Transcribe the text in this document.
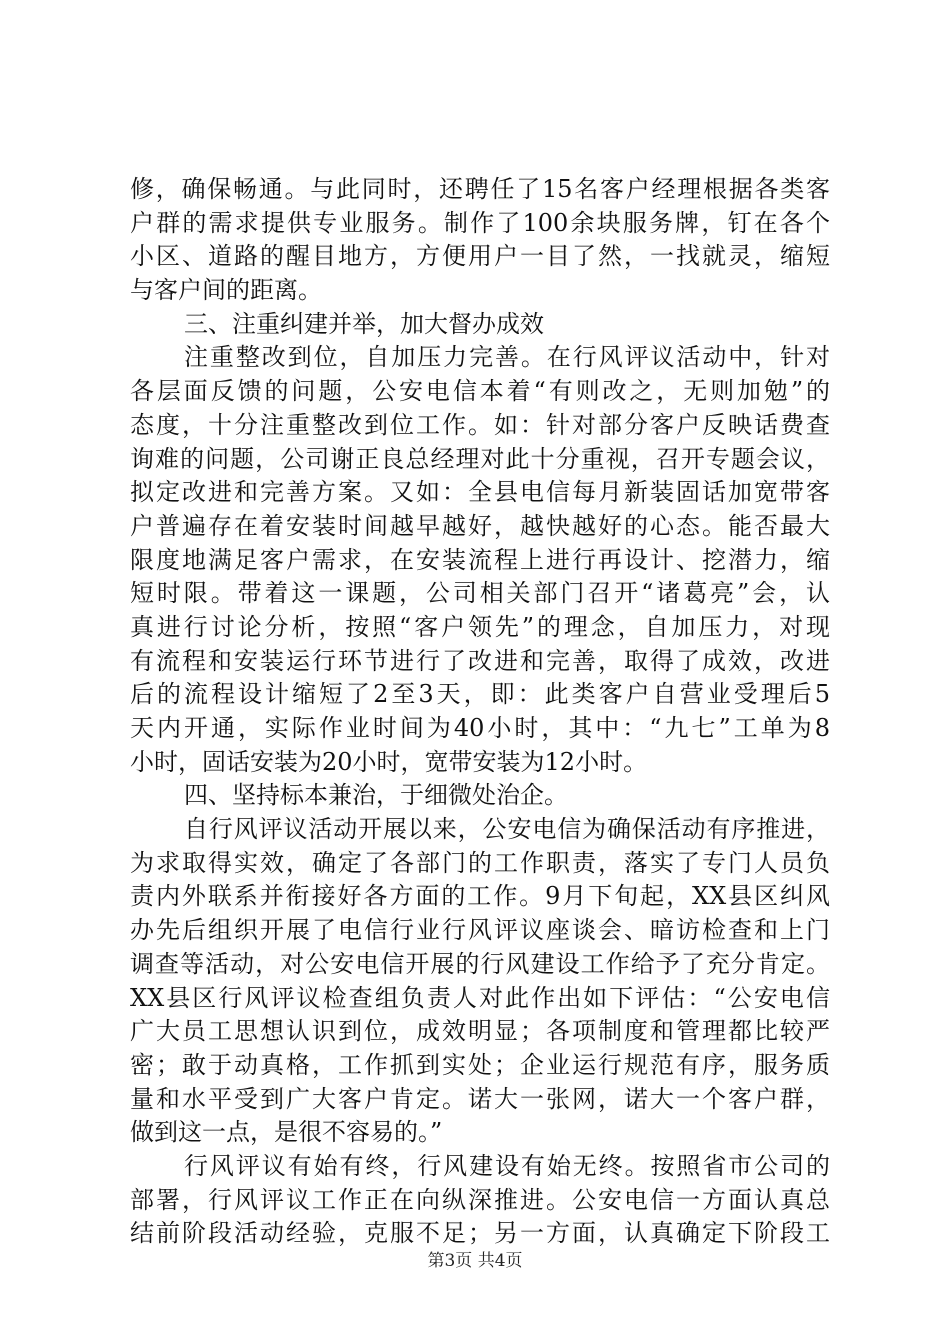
修，确保畅通。与此同时，还聘任了15名客户经理根据各类客
户群的需求提供专业服务。制作了100余块服务牌，钉在各个
小区、道路的醒目地方，方便用户一目了然，一找就灵，缩短
与客户间的距离。
三、注重纠建并举，加大督办成效
注重整改到位，自加压力完善。在行风评议活动中，针对
各层面反馈的问题，公安电信本着“有则改之，无则加勉”的
态度，十分注重整改到位工作。如：针对部分客户反映话费查
询难的问题，公司谢正良总经理对此十分重视，召开专题会议，
拟定改进和完善方案。又如：全县电信每月新装固话加宽带客
户普遍存在着安装时间越早越好，越快越好的心态。能否最大
限度地满足客户需求，在安装流程上进行再设计、挖潜力，缩
短时限。带着这一课题，公司相关部门召开“诸葛亮”会，认
真进行讨论分析，按照“客户领先”的理念，自加压力，对现
有流程和安装运行环节进行了改进和完善，取得了成效，改进
后的流程设计缩短了2至3天，即：此类客户自营业受理后5
天内开通，实际作业时间为40小时，其中：“九七”工单为8
小时，固话安装为20小时，宽带安装为12小时。
四、坚持标本兼治，于细微处治企。
自行风评议活动开展以来，公安电信为确保活动有序推进，
为求取得实效，确定了各部门的工作职责，落实了专门人员负
责内外联系并衔接好各方面的工作。9月下旬起，XX县区纠风
办先后组织开展了电信行业行风评议座谈会、暗访检查和上门
调查等活动，对公安电信开展的行风建设工作给予了充分肯定。
XX县区行风评议检查组负责人对此作出如下评估：“公安电信
广大员工思想认识到位，成效明显；各项制度和管理都比较严
密；敢于动真格，工作抓到实处；企业运行规范有序，服务质
量和水平受到广大客户肯定。诺大一张网，诺大一个客户群，
做到这一点，是很不容易的。”
行风评议有始有终，行风建设有始无终。按照省市公司的
部署，行风评议工作正在向纵深推进。公安电信一方面认真总
结前阶段活动经验，克服不足；另一方面，认真确定下阶段工
第3页 共4页
